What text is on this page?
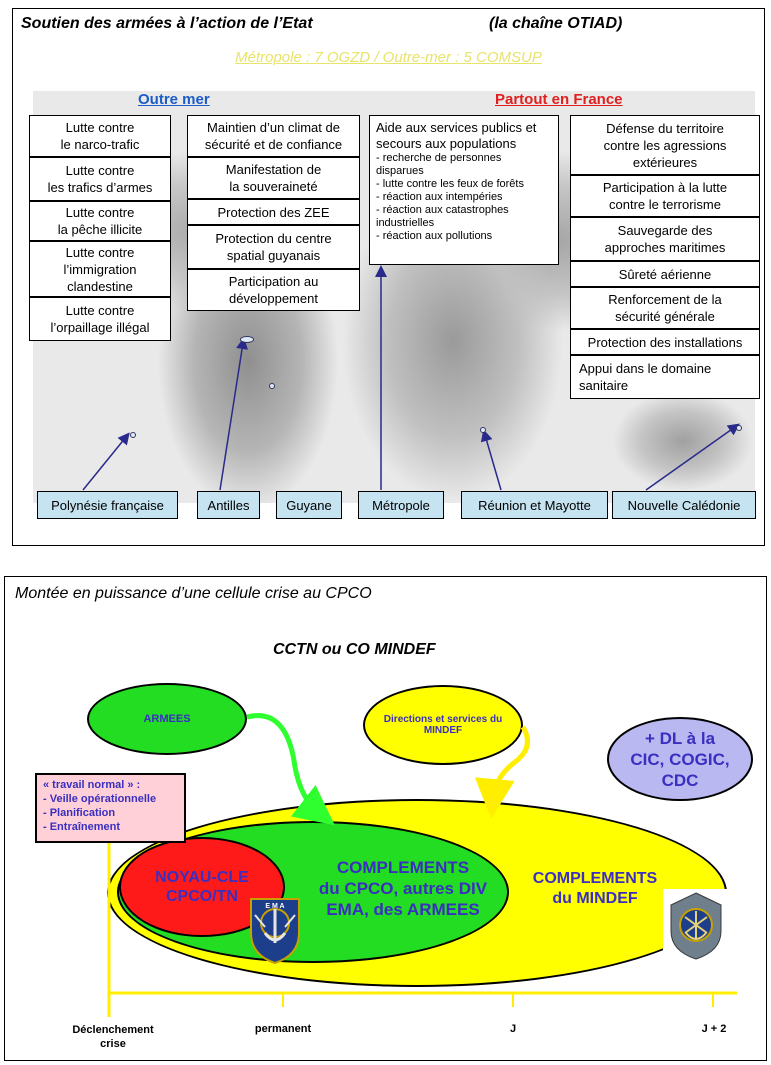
Soutien des armées à l’action de l’Etat	(la chaîne OTIAD)
Métropole : 7 OGZD / Outre-mer : 5 COMSUP
Outre mer	Partout en France
Lutte contre
le narco-trafic
Lutte contre
les trafics d’armes
Lutte contre
la pêche illicite
Lutte contre
l’immigration
clandestine
Lutte contre
l’orpaillage illégal
Maintien d’un climat de
sécurité et de confiance
Manifestation de
la souveraineté
Protection des ZEE
Protection du centre
spatial guyanais
Participation au
développement
Aide aux services publics et secours aux populations
- recherche de personnes disparues
- lutte contre les feux de forêts
- réaction aux intempéries
- réaction aux catastrophes industrielles
- réaction aux pollutions
Défense du territoire
contre les agressions
extérieures
Participation à la lutte
contre le terrorisme
Sauvegarde des
approches maritimes
Sûreté aérienne
Renforcement de la
sécurité générale
Protection des installations
Appui dans le domaine
sanitaire
Polynésie française	Antilles	Guyane	Métropole	Réunion et Mayotte	Nouvelle Calédonie
Montée en puissance d’une cellule crise au CPCO
CCTN ou CO MINDEF
NOYAU-CLE
CPCO/TN
COMPLEMENTS
du CPCO, autres DIV
EMA, des ARMEES
COMPLEMENTS
du MINDEF
E M A
ARMEES	Directions et services du MINDEF	+ DL à la
CIC, COGIC,
CDC
« travail normal » :
- Veille opérationnelle
- Planification
- Entraînement
Déclenchement
crise
permanent	J	J + 2
